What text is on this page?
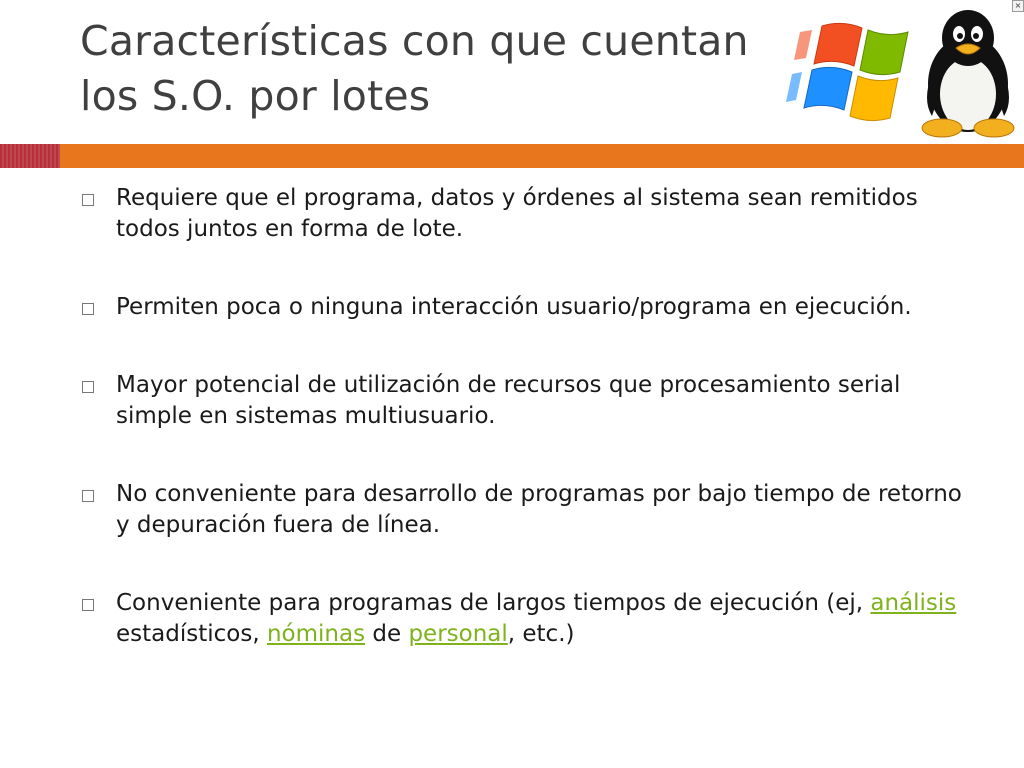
Características con que cuentan
los S.O. por lotes
×
Requiere que el programa, datos y órdenes al sistema sean remitidos todos juntos en forma de lote.
Permiten poca o ninguna interacción usuario/programa en ejecución.
Mayor potencial de utilización de recursos que procesamiento serial simple en sistemas multiusuario.
No conveniente para desarrollo de programas por bajo tiempo de retorno y depuración fuera de línea.
Conveniente para programas de largos tiempos de ejecución (ej, análisis estadísticos, nóminas de personal, etc.)
